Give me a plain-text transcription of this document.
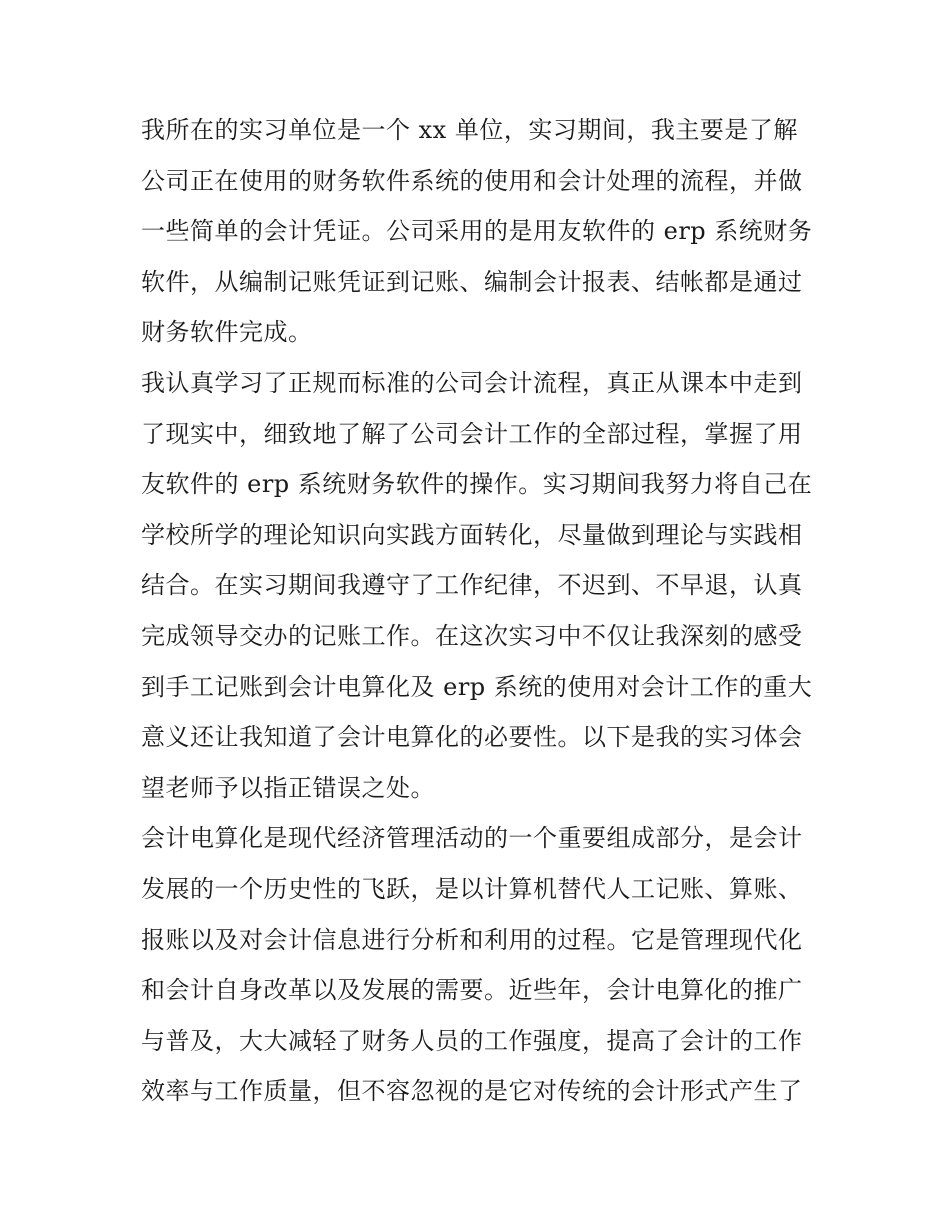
我所在的实习单位是一个 xx 单位，实习期间，我主要是了解
公司正在使用的财务软件系统的使用和会计处理的流程，并做
一些简单的会计凭证。公司采用的是用友软件的 erp 系统财务
软件，从编制记账凭证到记账、编制会计报表、结帐都是通过
财务软件完成。
我认真学习了正规而标准的公司会计流程，真正从课本中走到
了现实中，细致地了解了公司会计工作的全部过程，掌握了用
友软件的 erp 系统财务软件的操作。实习期间我努力将自己在
学校所学的理论知识向实践方面转化，尽量做到理论与实践相
结合。在实习期间我遵守了工作纪律，不迟到、不早退，认真
完成领导交办的记账工作。在这次实习中不仅让我深刻的感受
到手工记账到会计电算化及 erp 系统的使用对会计工作的重大
意义还让我知道了会计电算化的必要性。以下是我的实习体会
望老师予以指正错误之处。
会计电算化是现代经济管理活动的一个重要组成部分，是会计
发展的一个历史性的飞跃，是以计算机替代人工记账、算账、
报账以及对会计信息进行分析和利用的过程。它是管理现代化
和会计自身改革以及发展的需要。近些年，会计电算化的推广
与普及，大大减轻了财务人员的工作强度，提高了会计的工作
效率与工作质量，但不容忽视的是它对传统的会计形式产生了
